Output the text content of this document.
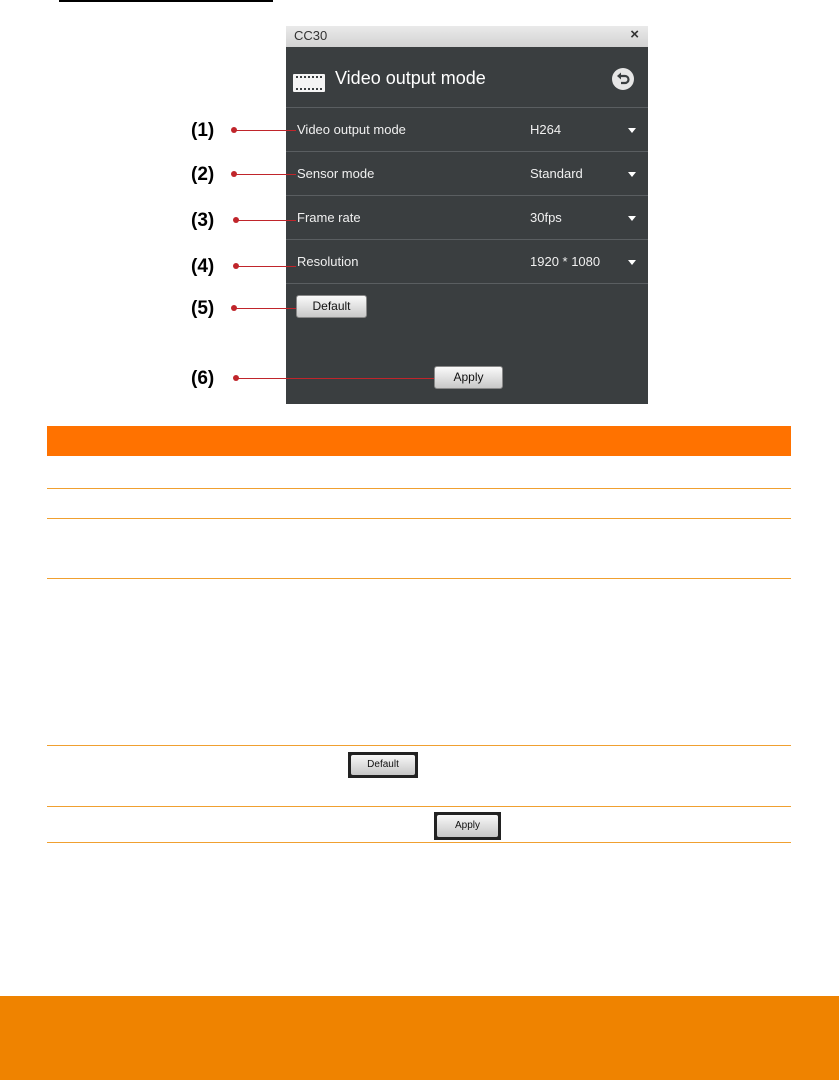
CC30	×
Video output mode
Video output mode	H264
Sensor mode	Standard
Frame rate	30fps
Resolution	1920 * 1080
Default
Apply
(1)
(2)
(3)
(4)
(5)
(6)
Default
Apply
